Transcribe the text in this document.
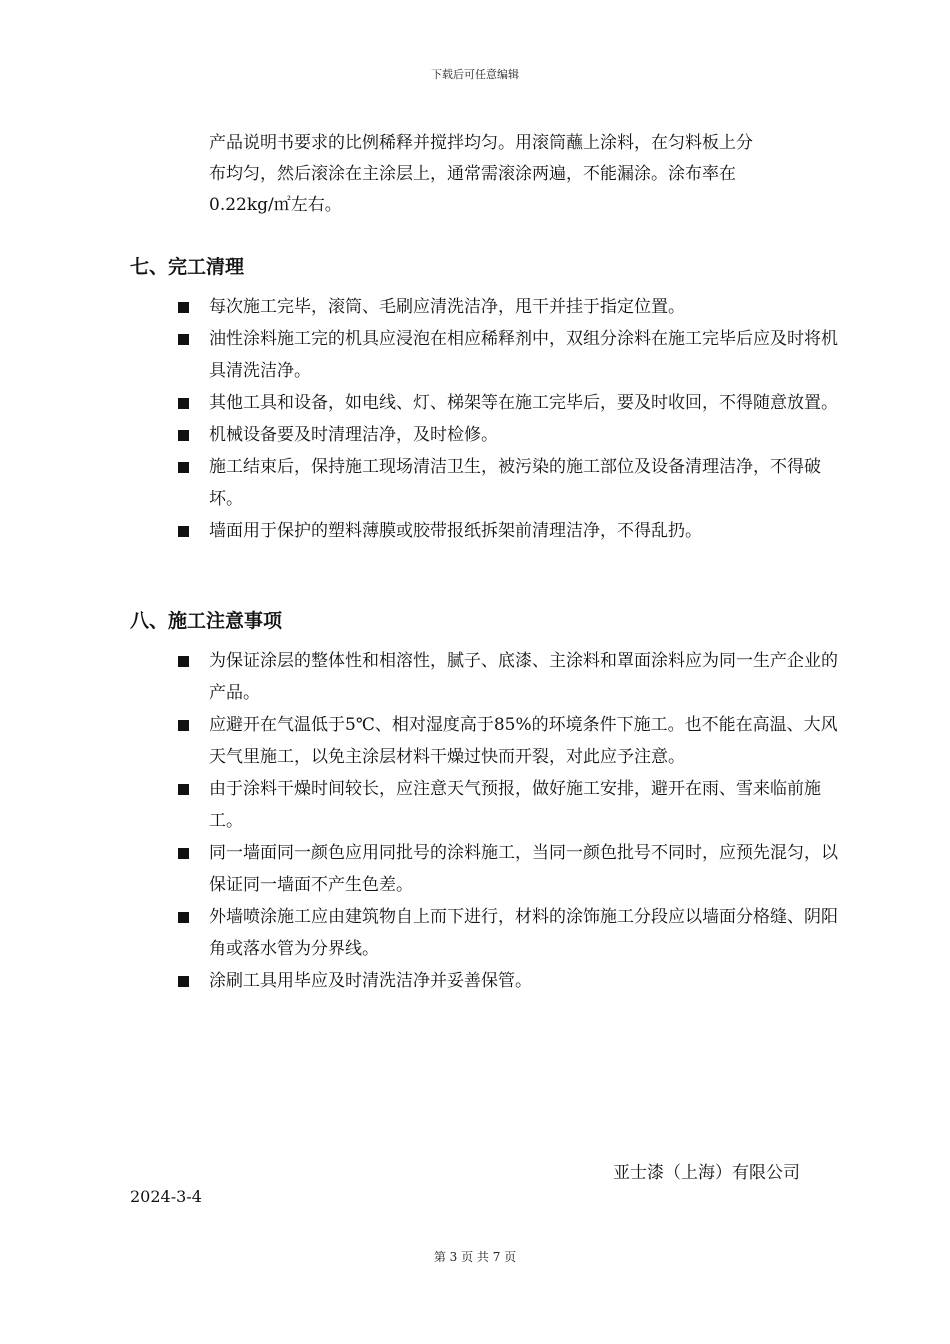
下载后可任意编辑
产品说明书要求的比例稀释并搅拌均匀。用滚筒蘸上涂料，在匀料板上分
布均匀，然后滚涂在主涂层上，通常需滚涂两遍，不能漏涂。涂布率在
0.22kg/㎡左右。
七、完工清理
每次施工完毕，滚筒、毛刷应清洗洁净，甩干并挂于指定位置。
油性涂料施工完的机具应浸泡在相应稀释剂中，双组分涂料在施工完毕后应及时将机具清洗洁净。
其他工具和设备，如电线、灯、梯架等在施工完毕后，要及时收回，不得随意放置。
机械设备要及时清理洁净，及时检修。
施工结束后，保持施工现场清洁卫生，被污染的施工部位及设备清理洁净，不得破坏。
墙面用于保护的塑料薄膜或胶带报纸拆架前清理洁净，不得乱扔。
八、施工注意事项
为保证涂层的整体性和相溶性，腻子、底漆、主涂料和罩面涂料应为同一生产企业的产品。
应避开在气温低于5℃、相对湿度高于85%的环境条件下施工。也不能在高温、大风天气里施工，以免主涂层材料干燥过快而开裂，对此应予注意。
由于涂料干燥时间较长，应注意天气预报，做好施工安排，避开在雨、雪来临前施工。
同一墙面同一颜色应用同批号的涂料施工，当同一颜色批号不同时，应预先混匀，以保证同一墙面不产生色差。
外墙喷涂施工应由建筑物自上而下进行，材料的涂饰施工分段应以墙面分格缝、阴阳角或落水管为分界线。
涂刷工具用毕应及时清洗洁净并妥善保管。
亚士漆（上海）有限公司
2024-3-4
第 3 页 共 7 页
